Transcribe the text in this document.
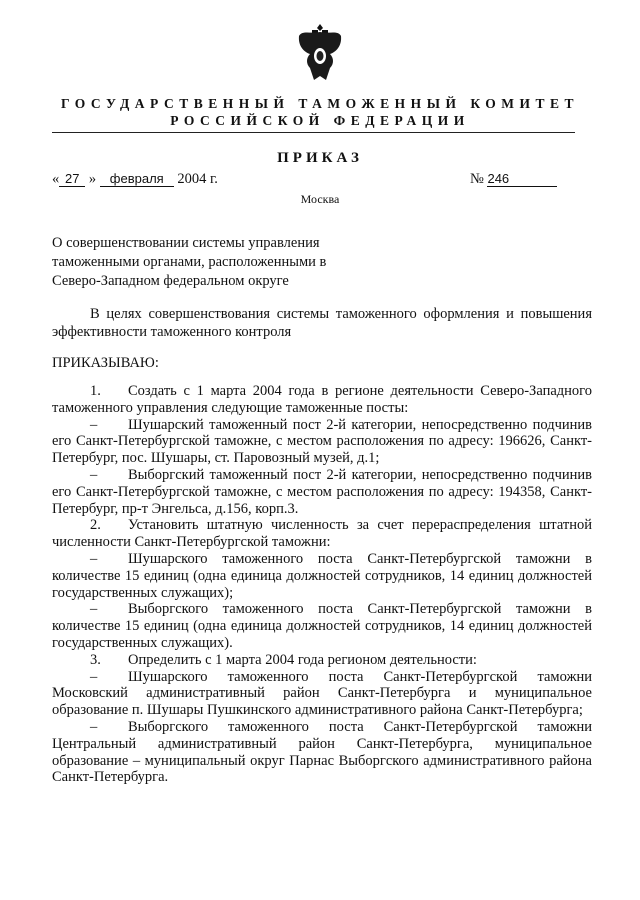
ГОСУДАРСТВЕННЫЙ ТАМОЖЕННЫЙ КОМИТЕТ
РОССИЙСКОЙ ФЕДЕРАЦИИ
ПРИКАЗ
« 27 » февраля 2004 г.	№ 246
Москва
О совершенствовании системы управления таможенными органами, расположенными в Северо-Западном федеральном округе
В целях совершенствования системы таможенного оформления и повышения эффективности таможенного контроля
ПРИКАЗЫВАЮ:

1. Создать с 1 марта 2004 года в регионе деятельности Северо-Западного таможенного управления следующие таможенные посты:

– Шушарский таможенный пост 2-й категории, непосредственно подчинив его Санкт-Петербургской таможне, с местом расположения по адресу: 196626, Санкт-Петербург, пос. Шушары, ст. Паровозный музей, д.1;

– Выборгский таможенный пост 2-й категории, непосредственно подчинив его Санкт-Петербургской таможне, с местом расположения по адресу: 194358, Санкт-Петербург, пр-т Энгельса, д.156, корп.3.

2. Установить штатную численность за счет перераспределения штатной численности Санкт-Петербургской таможни:

– Шушарского таможенного поста Санкт-Петербургской таможни в количестве 15 единиц (одна единица должностей сотрудников, 14 единиц должностей государственных служащих);

– Выборгского таможенного поста Санкт-Петербургской таможни в количестве 15 единиц (одна единица должностей сотрудников, 14 единиц должностей государственных служащих).

3. Определить с 1 марта 2004 года регионом деятельности:

– Шушарского таможенного поста Санкт-Петербургской таможни Московский административный район Санкт-Петербурга и муниципальное образование п. Шушары Пушкинского административного района Санкт-Петербурга;

– Выборгского таможенного поста Санкт-Петербургской таможни Центральный административный район Санкт-Петербурга, муниципальное образование – муниципальный округ Парнас Выборгского административного района Санкт-Петербурга.
